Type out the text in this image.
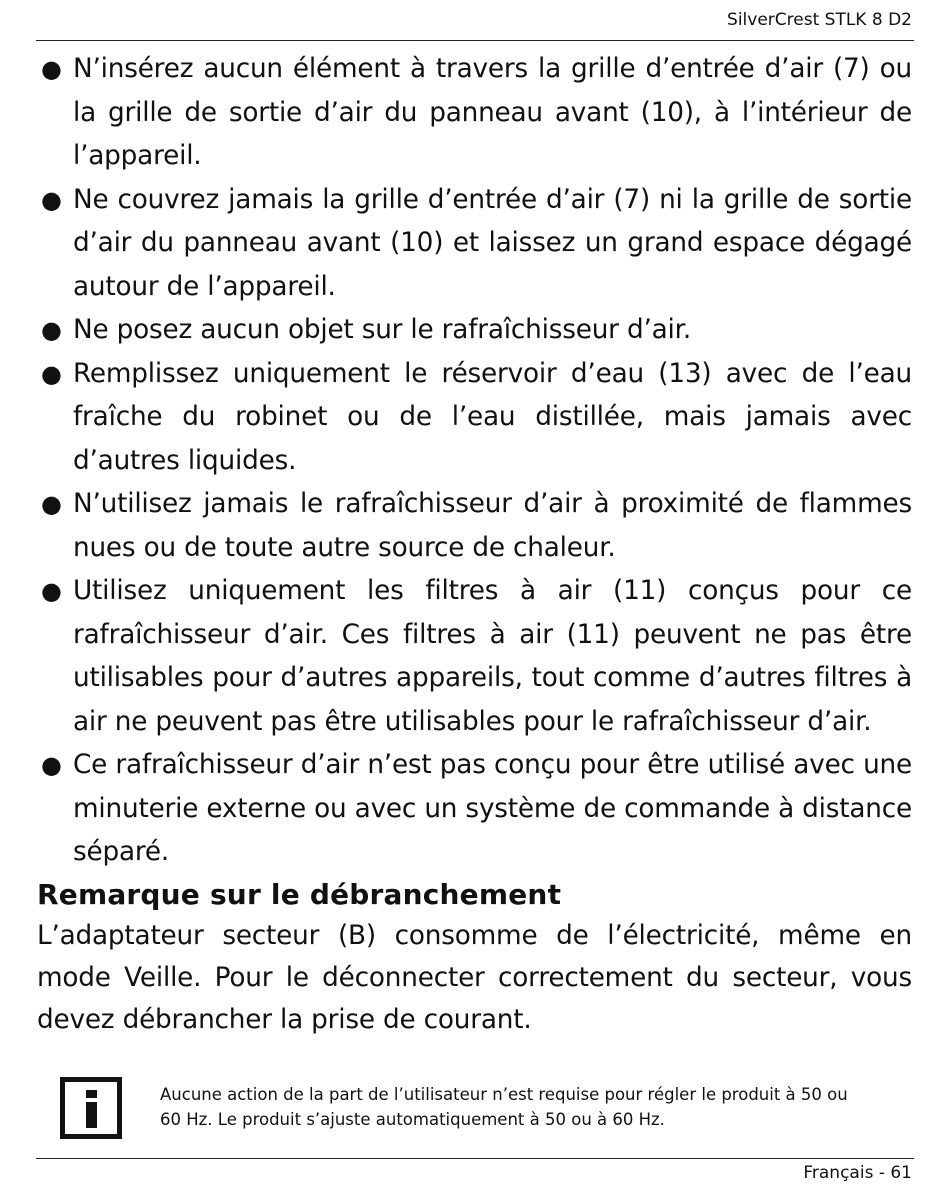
SilverCrest STLK 8 D2
● N’insérez aucun élément à travers la grille d’entrée d’air (7) ou la grille de sortie d’air du panneau avant (10), à l’intérieur de l’appareil.
● Ne couvrez jamais la grille d’entrée d’air (7) ni la grille de sortie d’air du panneau avant (10) et laissez un grand espace dégagé autour de l’appareil.
● Ne posez aucun objet sur le rafraîchisseur d’air.
● Remplissez uniquement le réservoir d’eau (13) avec de l’eau fraîche du robinet ou de l’eau distillée, mais jamais avec d’autres liquides.
● N’utilisez jamais le rafraîchisseur d’air à proximité de flammes nues ou de toute autre source de chaleur.
● Utilisez uniquement les filtres à air (11) conçus pour ce rafraîchisseur d’air. Ces filtres à air (11) peuvent ne pas être utilisables pour d’autres appareils, tout comme d’autres filtres à air ne peuvent pas être utilisables pour le rafraîchisseur d’air.
● Ce rafraîchisseur d’air n’est pas conçu pour être utilisé avec une minuterie externe ou avec un système de commande à distance séparé.
Remarque sur le débranchement

L’adaptateur secteur (B) consomme de l’électricité, même en mode Veille. Pour le déconnecter correctement du secteur, vous devez débrancher la prise de courant.

Aucune action de la part de l’utilisateur n’est requise pour régler le produit à 50 ou
60 Hz. Le produit s’ajuste automatiquement à 50 ou à 60 Hz.
Français - 61
